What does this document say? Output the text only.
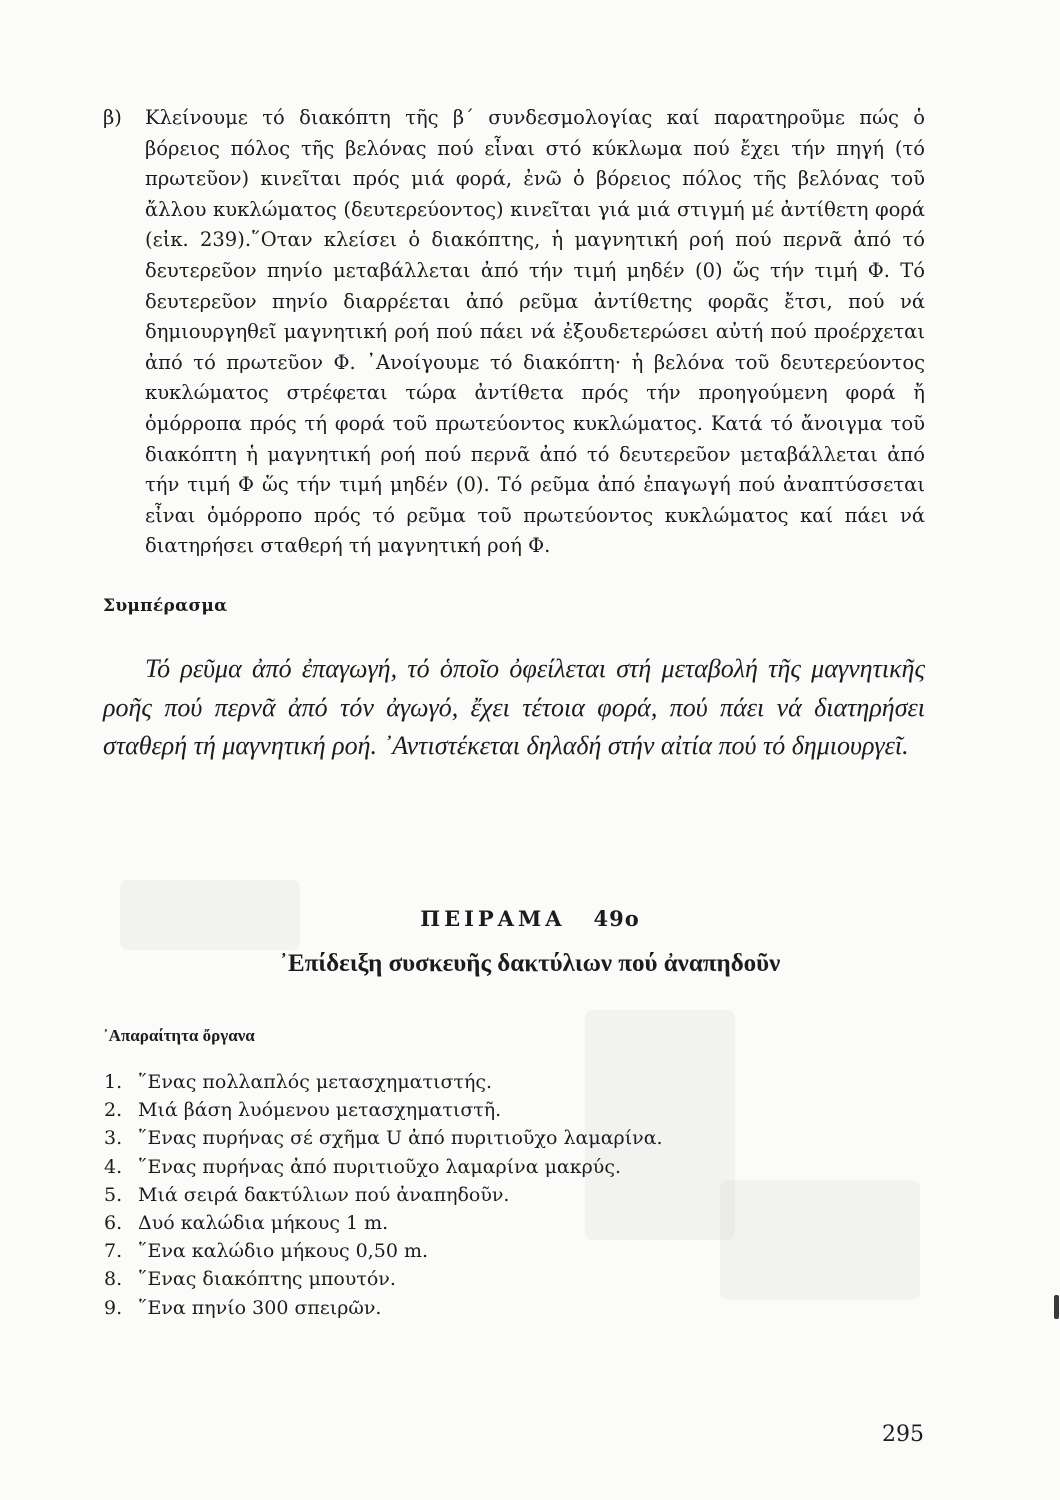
β) Κλείνουμε τό διακόπτη τῆς β΄ συνδεσμολογίας καί παρατηροῦμε πώς ὁ βόρειος πόλος τῆς βελόνας πού εἶναι στό κύκλωμα πού ἔχει τήν πηγή (τό πρωτεῦον) κινεῖται πρός μιά φορά, ἐνῶ ὁ βόρειος πόλος τῆς βελόνας τοῦ ἄλλου κυκλώματος (δευτερεύοντος) κινεῖται γιά μιά στιγμή μέ ἀντίθετη φορά (εἰκ. 239).῞Οταν κλείσει ὁ διακόπτης, ἡ μαγνητική ροή πού περνᾶ ἀπό τό δευτερεῦον πηνίο μεταβάλλεται ἀπό τήν τιμή μηδέν (0) ὥς τήν τιμή Φ. Τό δευτερεῦον πηνίο διαρρέεται ἀπό ρεῦμα ἀντίθετης φορᾶς ἔτσι, πού νά δημιουργηθεῖ μαγνητική ροή πού πάει νά ἐξουδετερώσει αὐτή πού προέρχεται ἀπό τό πρωτεῦον Φ. ᾿Ανοίγουμε τό διακόπτη· ἡ βελόνα τοῦ δευτερεύοντος κυκλώματος στρέφεται τώρα ἀντίθετα πρός τήν προηγούμενη φορά ἤ ὁμόρροπα πρός τή φορά τοῦ πρωτεύοντος κυκλώματος. Κατά τό ἄνοιγμα τοῦ διακόπτη ἡ μαγνητική ροή πού περνᾶ ἀπό τό δευτερεῦον μεταβάλλεται ἀπό τήν τιμή Φ ὥς τήν τιμή μηδέν (0). Τό ρεῦμα ἀπό ἐπαγωγή πού ἀναπτύσσεται εἶναι ὁμόρροπο πρός τό ρεῦμα τοῦ πρωτεύοντος κυκλώματος καί πάει νά διατηρήσει σταθερή τή μαγνητική ροή Φ.
Συμπέρασμα

Τό ρεῦμα ἀπό ἐπαγωγή, τό ὁποῖο ὀφείλεται στή μεταβολή τῆς μαγνητικῆς ροῆς πού περνᾶ ἀπό τόν ἀγωγό, ἔχει τέτοια φορά, πού πάει νά διατηρήσει σταθερή τή μαγνητική ροή. ᾿Αντιστέκεται δηλαδή στήν αἰτία πού τό δημιουργεῖ.

ΠΕΙΡΑΜΑ 49ο
᾿Επίδειξη συσκευῆς δακτύλιων πού ἀναπηδοῦν
᾿Απαραίτητα ὄργανα
1. ῞Ενας πολλαπλός μετασχηματιστής.
2. Μιά βάση λυόμενου μετασχηματιστῆ.
3. ῞Ενας πυρήνας σέ σχῆμα U ἀπό πυριτιοῦχο λαμαρίνα.
4. ῞Ενας πυρήνας ἀπό πυριτιοῦχο λαμαρίνα μακρύς.
5. Μιά σειρά δακτύλιων πού ἀναπηδοῦν.
6. Δυό καλώδια μήκους 1 m.
7. ῞Ενα καλώδιο μήκους 0,50 m.
8. ῞Ενας διακόπτης μπουτόν.
9. ῞Ενα πηνίο 300 σπειρῶν.

295
